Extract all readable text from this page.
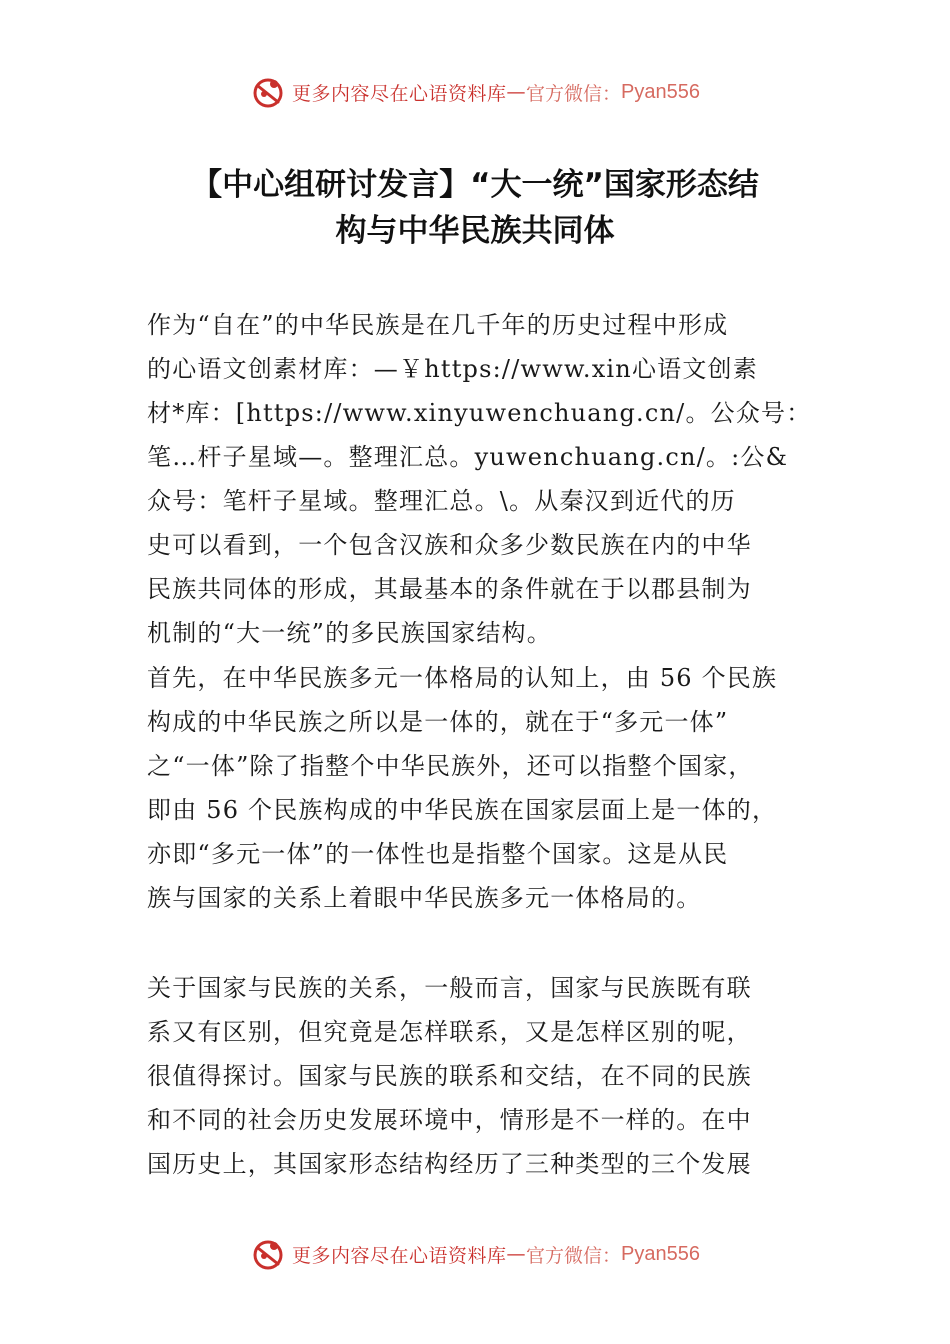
更多内容尽在心语资料库 — 官方微信： Pyan556
【中心组研讨发言】“大一统”国家形态结
构与中华民族共同体

作为“自在”的中华民族是在几千年的历史过程中形成

的心语文创素材库：—￥https://www.xin心语文创素

材*库：[https://www.xinyuwenchuang.cn/。公众号：

笔…杆子星域—。整理汇总。yuwenchuang.cn/。:公&

众号：笔杆子星域。整理汇总。\。从秦汉到近代的历

史可以看到，一个包含汉族和众多少数民族在内的中华

民族共同体的形成，其最基本的条件就在于以郡县制为

机制的“大一统”的多民族国家结构。

首先，在中华民族多元一体格局的认知上，由 56 个民族

构成的中华民族之所以是一体的，就在于“多元一体”

之“一体”除了指整个中华民族外，还可以指整个国家，

即由 56 个民族构成的中华民族在国家层面上是一体的，

亦即“多元一体”的一体性也是指整个国家。这是从民

族与国家的关系上着眼中华民族多元一体格局的。

关于国家与民族的关系，一般而言，国家与民族既有联

系又有区别，但究竟是怎样联系，又是怎样区别的呢，

很值得探讨。国家与民族的联系和交结，在不同的民族

和不同的社会历史发展环境中，情形是不一样的。在中

国历史上，其国家形态结构经历了三种类型的三个发展

更多内容尽在心语资料库 — 官方微信： Pyan556
